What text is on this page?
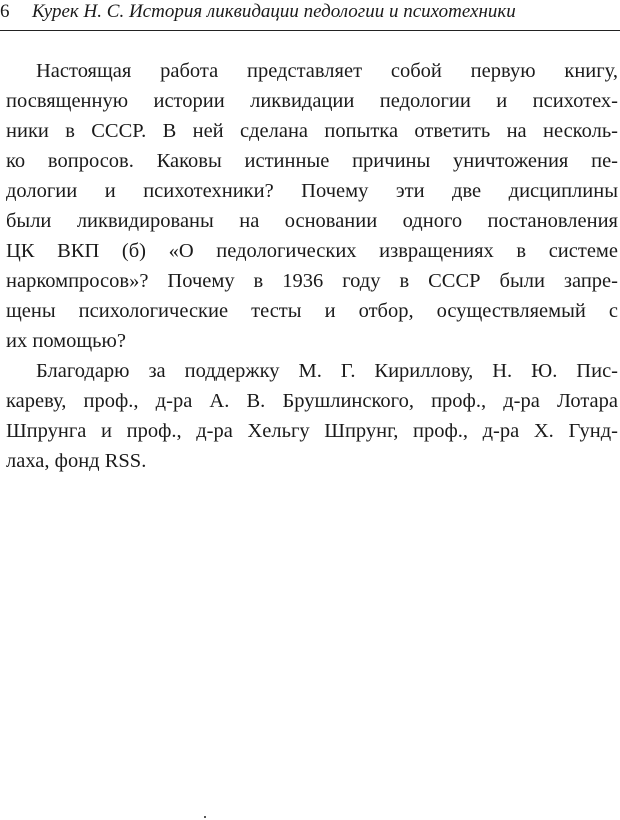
6 Курек Н. С. История ликвидации педологии и психотехники
Настоящая работа представляет собой первую книгу,
посвященную истории ликвидации педологии и психотех-
ники в СССР. В ней сделана попытка ответить на несколь-
ко вопросов. Каковы истинные причины уничтожения пе-
дологии и психотехники? Почему эти две дисциплины
были ликвидированы на основании одного постановления
ЦК ВКП (б) «О педологических извращениях в системе
наркомпросов»? Почему в 1936 году в СССР были запре-
щены психологические тесты и отбор, осуществляемый с
их помощью?
Благодарю за поддержку М. Г. Кириллову, Н. Ю. Пис-
кареву, проф., д-ра А. В. Брушлинского, проф., д-ра Лотара
Шпрунга и проф., д-ра Хельгу Шпрунг, проф., д-ра Х. Гунд-
лаха, фонд RSS.
